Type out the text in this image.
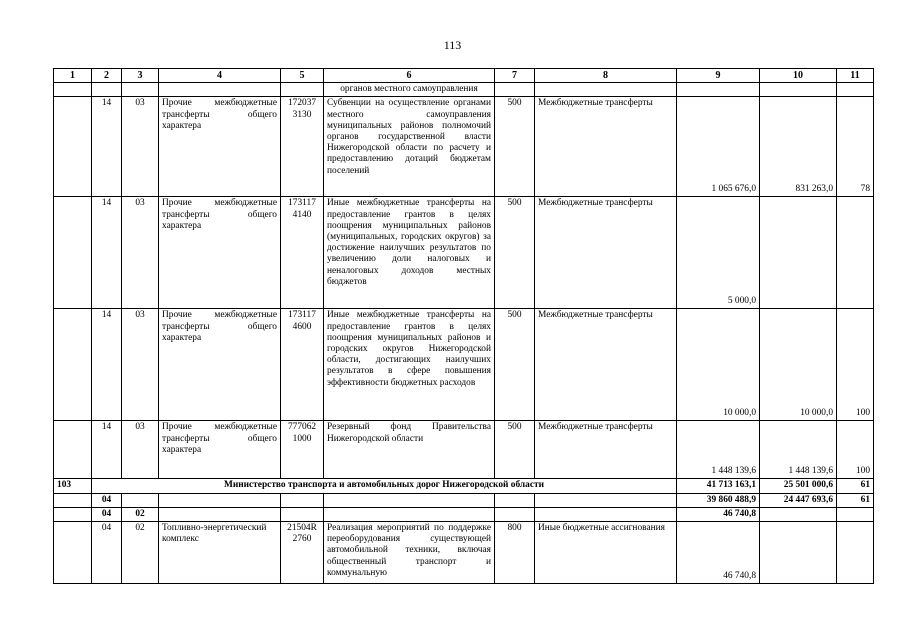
113
1	2	3	4	5	6	7	8	9	10	11
					органов местного самоуправления					
	14	03	Прочие межбюджетные трансферты общего характера	172037 3130	Субвенции на осуществление органами местного самоуправления муниципальных районов полномочий органов государственной власти Нижегородской области по расчету и предоставлению дотаций бюджетам поселений	500	Межбюджетные трансферты	1 065 676,0	831 263,0	78
	14	03	Прочие межбюджетные трансферты общего характера	173117 4140	Иные межбюджетные трансферты на предоставление грантов в целях поощрения муниципальных районов (муниципальных, городских округов) за достижение наилучших результатов по увеличению доли налоговых и неналоговых доходов местных бюджетов	500	Межбюджетные трансферты	5 000,0		
	14	03	Прочие межбюджетные трансферты общего характера	173117 4600	Иные межбюджетные трансферты на предоставление грантов в целях поощрения муниципальных районов и городских округов Нижегородской области, достигающих наилучших результатов в сфере повышения эффективности бюджетных расходов	500	Межбюджетные трансферты	10 000,0	10 000,0	100
	14	03	Прочие межбюджетные трансферты общего характера	777062 1000	Резервный фонд Правительства Нижегородской области	500	Межбюджетные трансферты	1 448 139,6	1 448 139,6	100
103	Министерство транспорта и автомобильных дорог Нижегородской области							41 713 163,1	25 501 000,6	61
	04							39 860 488,9	24 447 693,6	61
	04	02						46 740,8		
	04	02	Топливно-энергетический комплекс	21504R 2760	Реализация мероприятий по поддержке переоборудования существующей автомобильной техники, включая общественный транспорт и коммунальную	800	Иные бюджетные ассигнования	46 740,8		
